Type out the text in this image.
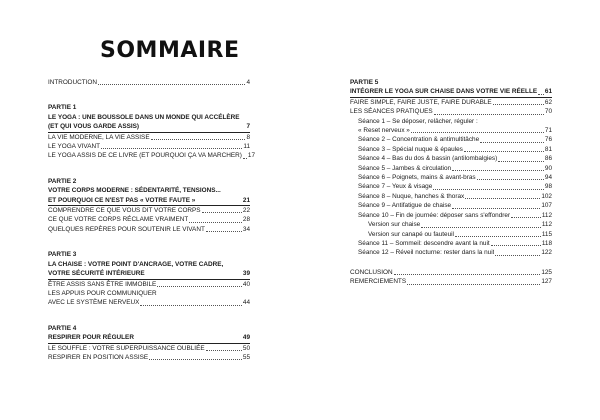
SOMMAIRE
INTRODUCTION	4
PARTIE 1
LE YOGA : UNE BOUSSOLE DANS UN MONDE QUI ACCÉLÈRE
(ET QUI VOUS GARDE ASSIS)	7
LA VIE MODERNE, LA VIE ASSISE	8
LE YOGA VIVANT	11
LE YOGA ASSIS DE CE LIVRE (ET POURQUOI ÇA VA MARCHER) 17
PARTIE 2
VOTRE CORPS MODERNE : SÉDENTARITÉ, TENSIONS...
ET POURQUOI CE N'EST PAS « VOTRE FAUTE »	21
COMPRENDRE CE QUE VOUS DIT VOTRE CORPS	22
CE QUE VOTRE CORPS RÉCLAME VRAIMENT	28
QUELQUES REPÈRES POUR SOUTENIR LE VIVANT	34
PARTIE 3
LA CHAISE : VOTRE POINT D'ANCRAGE, VOTRE CADRE,
VOTRE SÉCURITÉ INTÉRIEURE	39
ÊTRE ASSIS SANS ÊTRE IMMOBILE	40
LES APPUIS POUR COMMUNIQUER
AVEC LE SYSTÈME NERVEUX	44
PARTIE 4
RESPIRER POUR RÉGULER	49
LE SOUFFLE : VOTRE SUPERPUISSANCE OUBLIÉE	50
RESPIRER EN POSITION ASSISE	55
PARTIE 5
INTÉGRER LE YOGA SUR CHAISE DANS VOTRE VIE RÉELLE 61
FAIRE SIMPLE, FAIRE JUSTE, FAIRE DURABLE	62
LES SÉANCES PRATIQUES	70
Séance 1 – Se déposer, relâcher, réguler :
« Reset nerveux »	71
Séance 2 – Concentration & antimultitâche	76
Séance 3 – Spécial nuque & épaules	81
Séance 4 – Bas du dos & bassin (antilombalgies)	86
Séance 5 – Jambes & circulation	90
Séance 6 – Poignets, mains & avant-bras	94
Séance 7 – Yeux & visage	98
Séance 8 – Nuque, hanches & thorax	102
Séance 9 – Antifatigue de chaise	107
Séance 10 – Fin de journée: déposer sans s'effondrer	112
Version sur chaise	112
Version sur canapé ou fauteuil	115
Séance 11 – Sommeil: descendre avant la nuit	118
Séance 12 – Réveil nocturne: rester dans la nuit	122
CONCLUSION	125
REMERCIEMENTS	127
